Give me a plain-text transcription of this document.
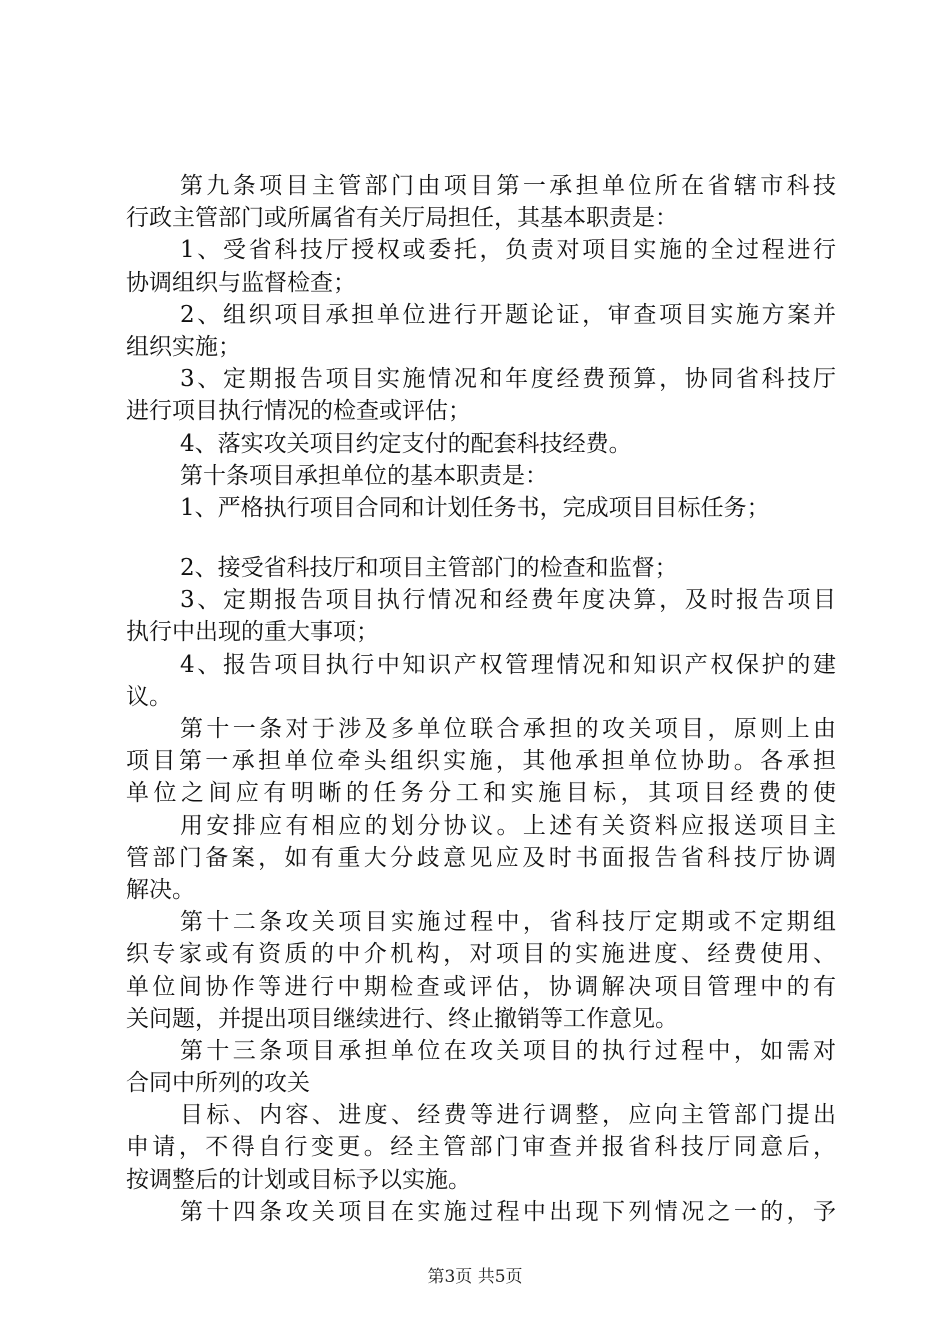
第九条项目主管部门由项目第一承担单位所在省辖市科技
行政主管部门或所属省有关厅局担任，其基本职责是：
1、受省科技厅授权或委托，负责对项目实施的全过程进行
协调组织与监督检查；
2、组织项目承担单位进行开题论证，审查项目实施方案并
组织实施；
3、定期报告项目实施情况和年度经费预算，协同省科技厅
进行项目执行情况的检查或评估；
4、落实攻关项目约定支付的配套科技经费。
第十条项目承担单位的基本职责是：
1、严格执行项目合同和计划任务书，完成项目目标任务；
2、接受省科技厅和项目主管部门的检查和监督；
3、定期报告项目执行情况和经费年度决算，及时报告项目
执行中出现的重大事项；
4、报告项目执行中知识产权管理情况和知识产权保护的建
议。
第十一条对于涉及多单位联合承担的攻关项目，原则上由
项目第一承担单位牵头组织实施，其他承担单位协助。各承担
单位之间应有明晰的任务分工和实施目标，其项目经费的使
用安排应有相应的划分协议。上述有关资料应报送项目主
管部门备案，如有重大分歧意见应及时书面报告省科技厅协调
解决。
第十二条攻关项目实施过程中，省科技厅定期或不定期组
织专家或有资质的中介机构，对项目的实施进度、经费使用、
单位间协作等进行中期检查或评估，协调解决项目管理中的有
关问题，并提出项目继续进行、终止撤销等工作意见。
第十三条项目承担单位在攻关项目的执行过程中，如需对
合同中所列的攻关
目标、内容、进度、经费等进行调整，应向主管部门提出
申请，不得自行变更。经主管部门审查并报省科技厅同意后，
按调整后的计划或目标予以实施。
第十四条攻关项目在实施过程中出现下列情况之一的，予
第3页 共5页
